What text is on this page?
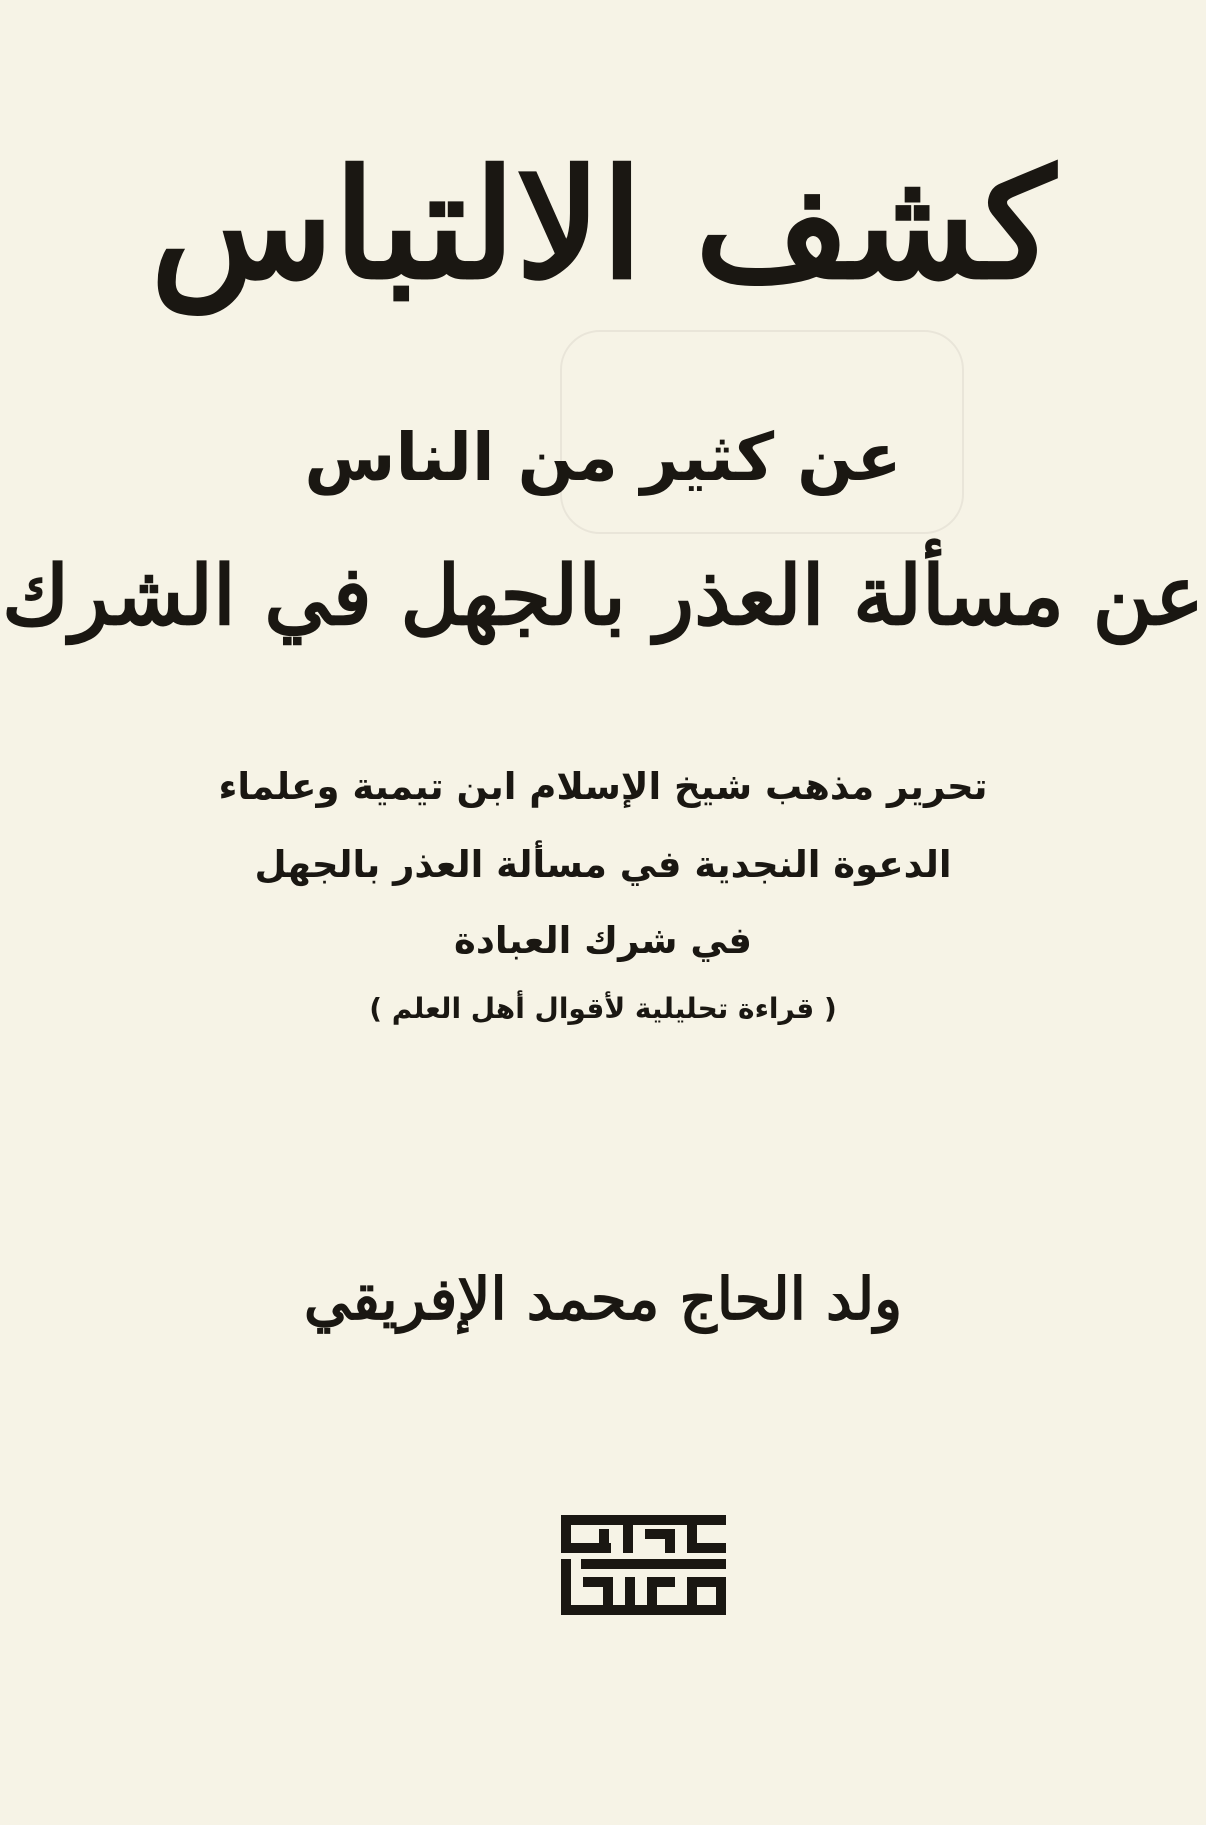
كشف الالتباس
عن كثير من الناس
عن مسألة العذر بالجهل في الشرك
تحرير مذهب شيخ الإسلام ابن تيمية وعلماء
الدعوة النجدية في مسألة العذر بالجهل
في شرك العبادة
( قراءة تحليلية لأقوال أهل العلم )
ولد الحاج محمد الإفريقي
